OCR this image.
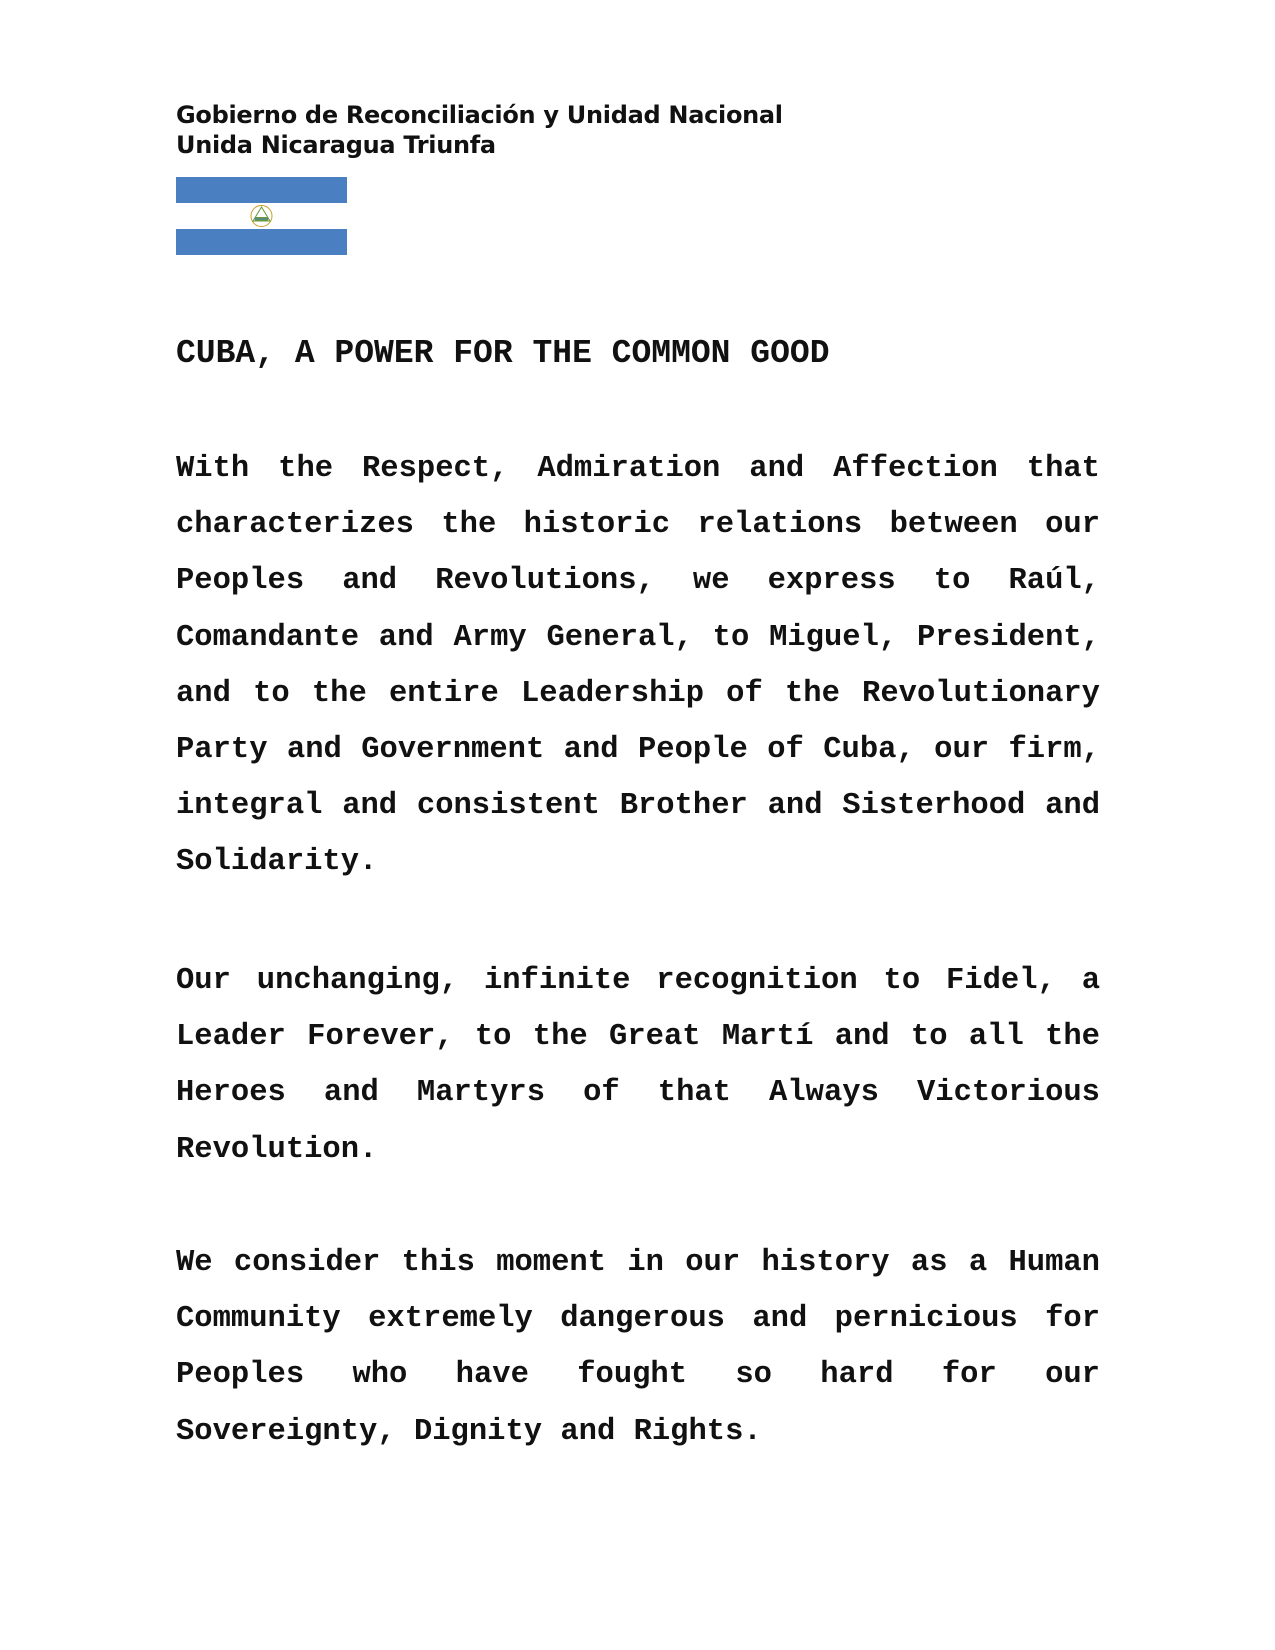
Gobierno de Reconciliación y Unidad Nacional
Unida Nicaragua Triunfa
CUBA, A POWER FOR THE COMMON GOOD

With the Respect, Admiration and Affection that characterizes the historic relations between our Peoples and Revolutions, we express to Raúl, Comandante and Army General, to Miguel, President, and to the entire Leadership of the Revolutionary Party and Government and People of Cuba, our firm, integral and consistent Brother and Sisterhood and Solidarity.

Our unchanging, infinite recognition to Fidel, a Leader Forever, to the Great Martí and to all the Heroes and Martyrs of that Always Victorious Revolution.

We consider this moment in our history as a Human Community extremely dangerous and pernicious for Peoples who have fought so hard for our Sovereignty, Dignity and Rights.
